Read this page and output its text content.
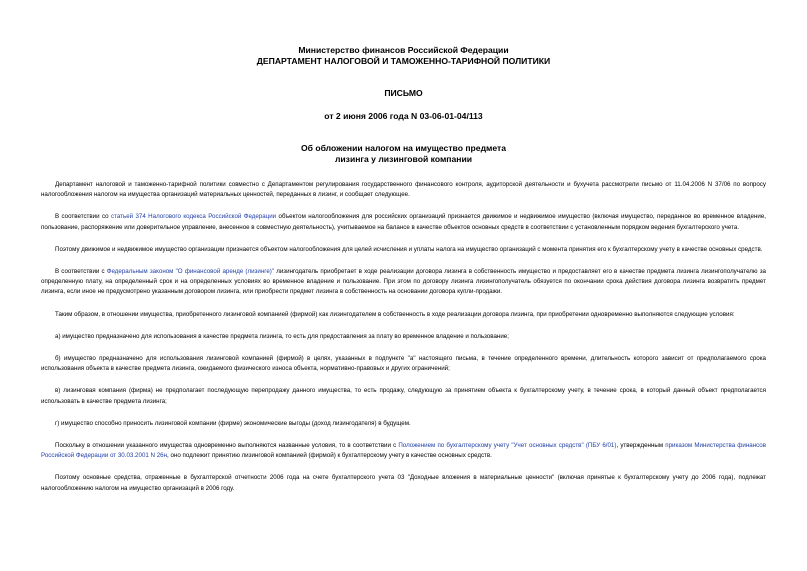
Министерство финансов Российской Федерации
ДЕПАРТАМЕНТ НАЛОГОВОЙ И ТАМОЖЕННО-ТАРИФНОЙ ПОЛИТИКИ
ПИСЬМО
от 2 июня 2006 года N 03-06-01-04/113
Об обложении налогом на имущество предмета
лизинга у лизинговой компании

Департамент налоговой и таможенно-тарифной политики совместно с Департаментом регулирования государственного финансового контроля, аудиторской деятельности и бухучета рассмотрели письмо от 11.04.2006 N 37/06 по вопросу налогообложения налогом на имущества организаций материальных ценностей, переданных в лизинг, и сообщает следующее.

В соответствии со статьей 374 Налогового кодекса Российской Федерации объектом налогообложения для российских организаций признается движимое и недвижимое имущество (включая имущество, переданное во временное владение, пользование, распоряжение или доверительное управление, внесенное в совместную деятельность), учитываемое на балансе в качестве объектов основных средств в соответствии с установленным порядком ведения бухгалтерского учета.

Поэтому движимое и недвижимое имущество организации признается объектом налогообложения для целей исчисления и уплаты налога на имущество организаций с момента принятия его к бухгалтерскому учету в качестве основных средств.

В соответствии с Федеральным законом "О финансовой аренде (лизинге)" лизингодатель приобретает в ходе реализации договора лизинга в собственность имущество и предоставляет его в качестве предмета лизинга лизингополучателю за определенную плату, на определенный срок и на определенных условиях во временное владение и пользование. При этом по договору лизинга лизингополучатель обязуется по окончании срока действия договора лизинга возвратить предмет лизинга, если иное не предусмотрено указанным договором лизинга, или приобрести предмет лизинга в собственность на основании договора купли-продажи.

Таким образом, в отношении имущества, приобретенного лизинговой компанией (фирмой) как лизингодателем в собственность в ходе реализации договора лизинга, при приобретении одновременно выполняются следующие условия:

а) имущество предназначено для использования в качестве предмета лизинга, то есть для предоставления за плату во временное владение и пользование;

б) имущество предназначено для использования лизинговой компанией (фирмой) в целях, указанных в подпункте "а" настоящего письма, в течение определенного времени, длительность которого зависит от предполагаемого срока использования объекта в качестве предмета лизинга, ожидаемого физического износа объекта, нормативно-правовых и других ограничений;

в) лизинговая компания (фирма) не предполагает последующую перепродажу данного имущества, то есть продажу, следующую за принятием объекта к бухгалтерскому учету, в течение срока, в который данный объект предполагается использовать в качестве предмета лизинга;

г) имущество способно приносить лизинговой компании (фирме) экономические выгоды (доход лизингодателя) в будущем.

Поскольку в отношении указанного имущества одновременно выполняются названные условия, то в соответствии с Положением по бухгалтерскому учету "Учет основных средств" (ПБУ 6/01), утвержденным приказом Министерства финансов Российской Федерации от 30.03.2001 N 26н, оно подлежит принятию лизинговой компанией (фирмой) к бухгалтерскому учету в качестве основных средств.

Поэтому основные средства, отраженные в бухгалтерской отчетности 2006 года на счете бухгалтерского учета 03 "Доходные вложения в материальные ценности" (включая принятые к бухгалтерскому учету до 2006 года), подлежат налогообложению налогом на имущество организаций в 2006 году.
